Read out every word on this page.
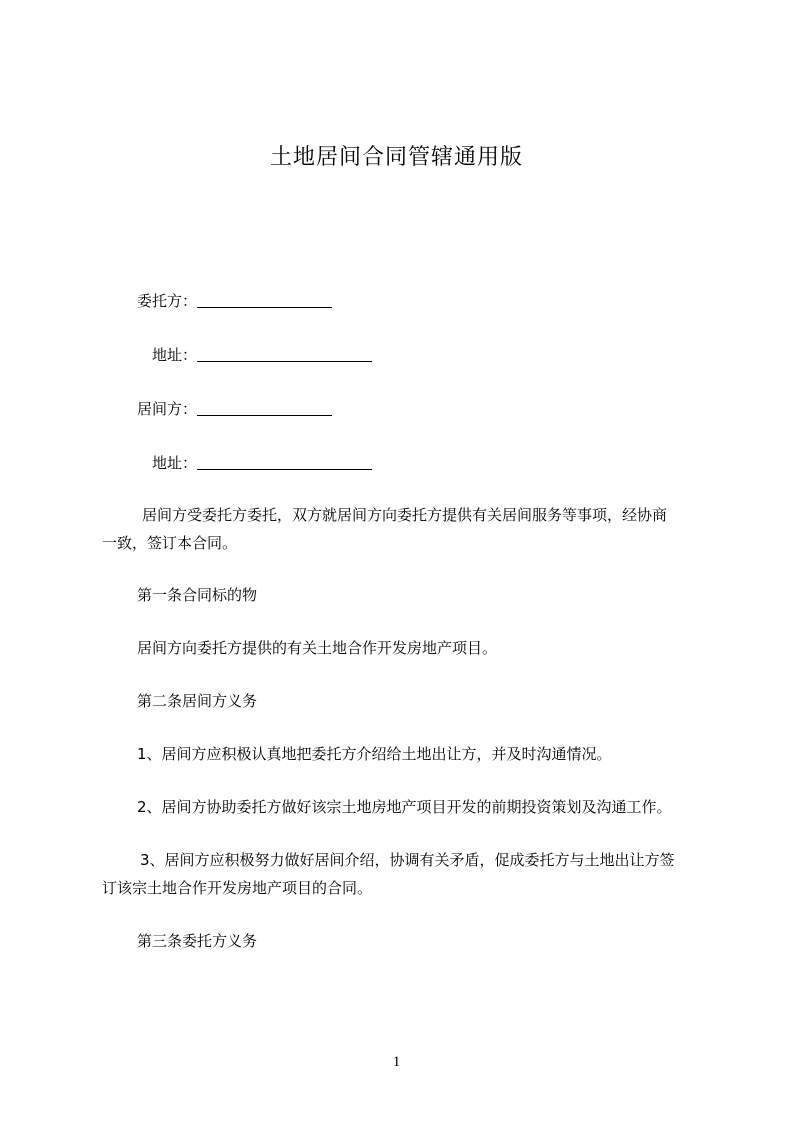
土地居间合同管辖通用版
委托方：
地址：
居间方：
地址：
居间方受委托方委托，双方就居间方向委托方提供有关居间服务等事项，经协商
一致，签订本合同。
第一条合同标的物
居间方向委托方提供的有关土地合作开发房地产项目。
第二条居间方义务
1、居间方应积极认真地把委托方介绍给土地出让方，并及时沟通情况。
2、居间方协助委托方做好该宗土地房地产项目开发的前期投资策划及沟通工作。
3、居间方应积极努力做好居间介绍，协调有关矛盾，促成委托方与土地出让方签
订该宗土地合作开发房地产项目的合同。
第三条委托方义务
1
